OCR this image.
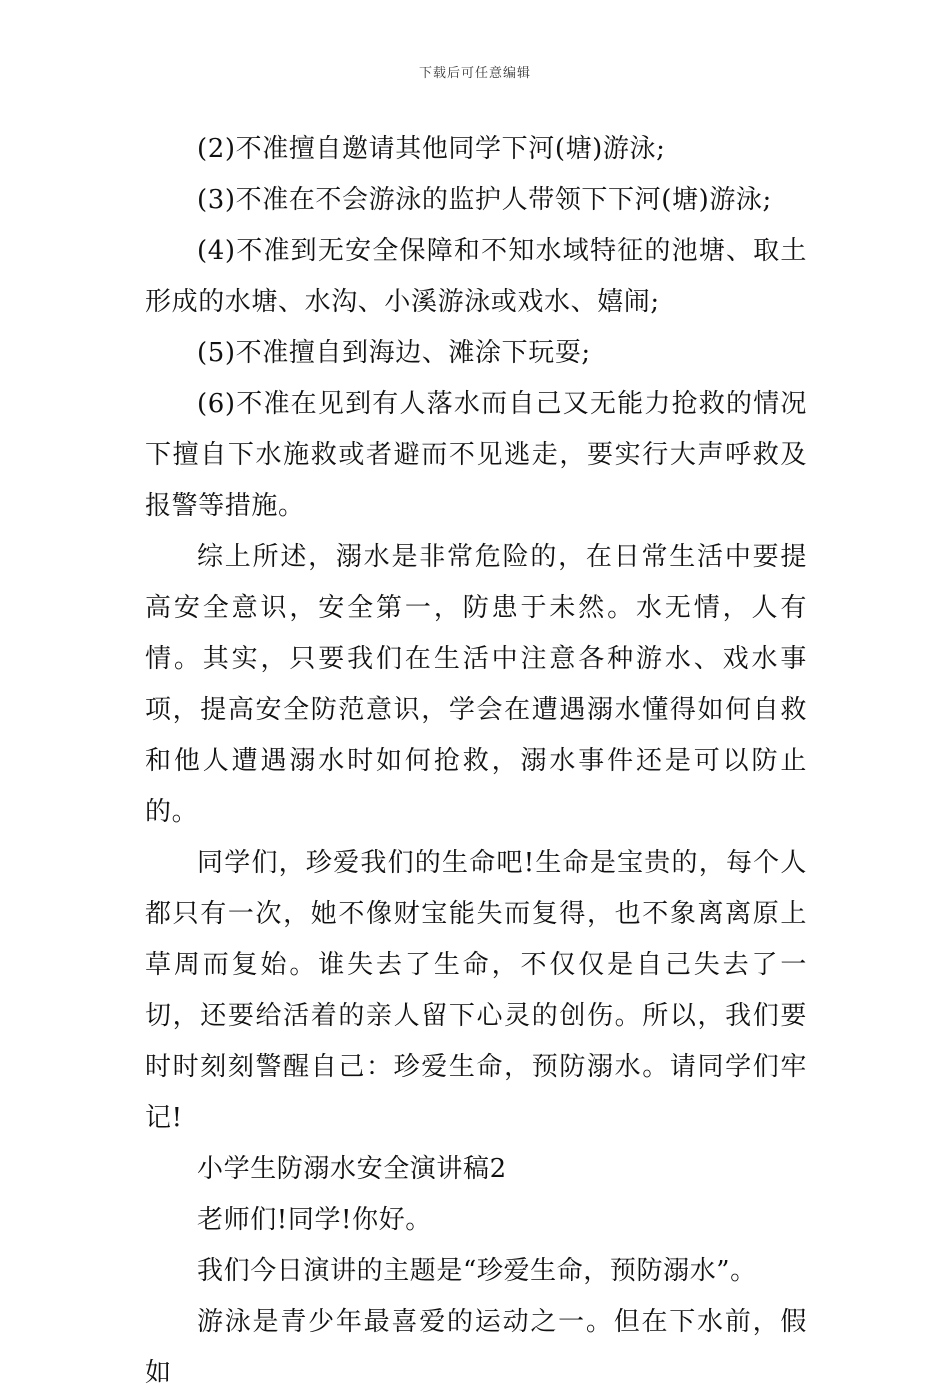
下载后可任意编辑

(2)不准擅自邀请其他同学下河(塘)游泳;

(3)不准在不会游泳的监护人带领下下河(塘)游泳;

(4)不准到无安全保障和不知水域特征的池塘、取土形成的水塘、水沟、小溪游泳或戏水、嬉闹;

(5)不准擅自到海边、滩涂下玩耍;

(6)不准在见到有人落水而自己又无能力抢救的情况下擅自下水施救或者避而不见逃走，要实行大声呼救及报警等措施。

综上所述，溺水是非常危险的，在日常生活中要提高安全意识，安全第一，防患于未然。水无情，人有情。其实，只要我们在生活中注意各种游水、戏水事项，提高安全防范意识，学会在遭遇溺水懂得如何自救和他人遭遇溺水时如何抢救，溺水事件还是可以防止的。

同学们，珍爱我们的生命吧!生命是宝贵的，每个人都只有一次，她不像财宝能失而复得，也不象离离原上草周而复始。谁失去了生命，不仅仅是自己失去了一切，还要给活着的亲人留下心灵的创伤。所以，我们要时时刻刻警醒自己：珍爱生命，预防溺水。请同学们牢记!

小学生防溺水安全演讲稿2

老师们!同学!你好。

我们今日演讲的主题是“珍爱生命，预防溺水”。

游泳是青少年最喜爱的运动之一。但在下水前，假如
